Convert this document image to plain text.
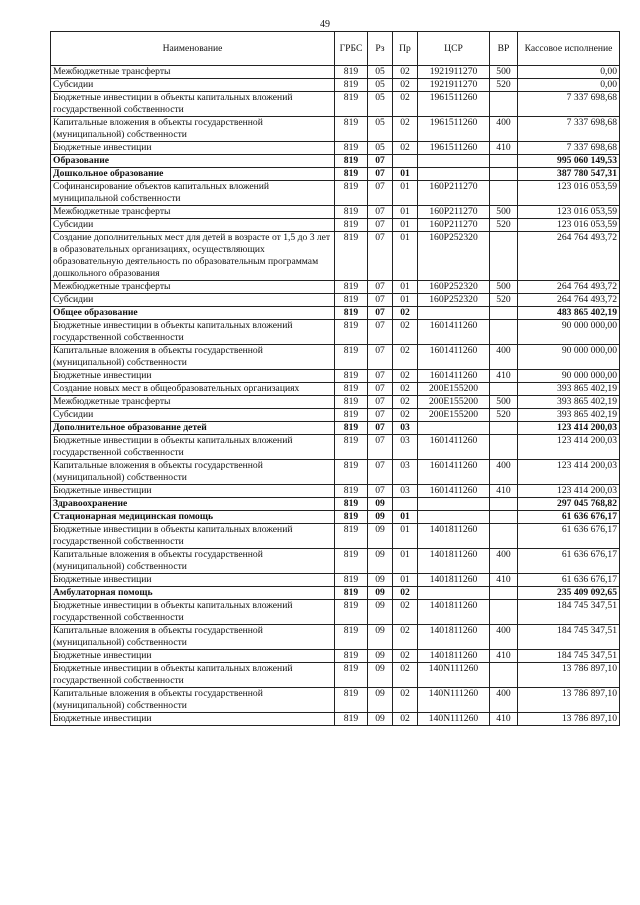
49
Наименование	ГРБС	Рз	Пр	ЦСР	ВР	Кассовое исполнение
Межбюджетные трансферты	819	05	02	1921911270	500	0,00
Субсидии	819	05	02	1921911270	520	0,00
Бюджетные инвестиции в объекты капитальных вложений государственной собственности	819	05	02	1961511260		7 337 698,68
Капитальные вложения в объекты государственной (муниципальной) собственности	819	05	02	1961511260	400	7 337 698,68
Бюджетные инвестиции	819	05	02	1961511260	410	7 337 698,68
Образование	819	07				995 060 149,53
Дошкольное образование	819	07	01			387 780 547,31
Софинансирование объектов капитальных вложений муниципальной собственности	819	07	01	160P211270		123 016 053,59
Межбюджетные трансферты	819	07	01	160P211270	500	123 016 053,59
Субсидии	819	07	01	160P211270	520	123 016 053,59
Создание дополнительных мест для детей в возрасте от 1,5 до 3 лет в образовательных организациях, осуществляющих образовательную деятельность по образовательным программам дошкольного образования	819	07	01	160P252320		264 764 493,72
Межбюджетные трансферты	819	07	01	160P252320	500	264 764 493,72
Субсидии	819	07	01	160P252320	520	264 764 493,72
Общее образование	819	07	02			483 865 402,19
Бюджетные инвестиции в объекты капитальных вложений государственной собственности	819	07	02	1601411260		90 000 000,00
Капитальные вложения в объекты государственной (муниципальной) собственности	819	07	02	1601411260	400	90 000 000,00
Бюджетные инвестиции	819	07	02	1601411260	410	90 000 000,00
Создание новых мест в общеобразовательных организациях	819	07	02	200E155200		393 865 402,19
Межбюджетные трансферты	819	07	02	200E155200	500	393 865 402,19
Субсидии	819	07	02	200E155200	520	393 865 402,19
Дополнительное образование детей	819	07	03			123 414 200,03
Бюджетные инвестиции в объекты капитальных вложений государственной собственности	819	07	03	1601411260		123 414 200,03
Капитальные вложения в объекты государственной (муниципальной) собственности	819	07	03	1601411260	400	123 414 200,03
Бюджетные инвестиции	819	07	03	1601411260	410	123 414 200,03
Здравоохранение	819	09				297 045 768,82
Стационарная медицинская помощь	819	09	01			61 636 676,17
Бюджетные инвестиции в объекты капитальных вложений государственной собственности	819	09	01	1401811260		61 636 676,17
Капитальные вложения в объекты государственной (муниципальной) собственности	819	09	01	1401811260	400	61 636 676,17
Бюджетные инвестиции	819	09	01	1401811260	410	61 636 676,17
Амбулаторная помощь	819	09	02			235 409 092,65
Бюджетные инвестиции в объекты капитальных вложений государственной собственности	819	09	02	1401811260		184 745 347,51
Капитальные вложения в объекты государственной (муниципальной) собственности	819	09	02	1401811260	400	184 745 347,51
Бюджетные инвестиции	819	09	02	1401811260	410	184 745 347,51
Бюджетные инвестиции в объекты капитальных вложений государственной собственности	819	09	02	140N111260		13 786 897,10
Капитальные вложения в объекты государственной (муниципальной) собственности	819	09	02	140N111260	400	13 786 897,10
Бюджетные инвестиции	819	09	02	140N111260	410	13 786 897,10
